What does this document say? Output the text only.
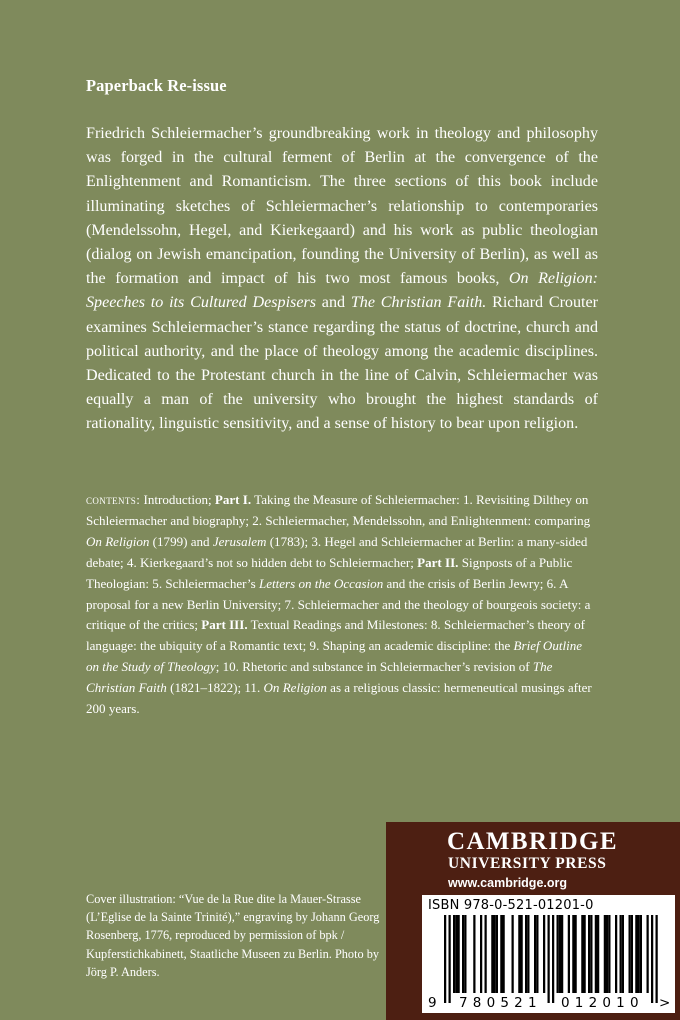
Paperback Re-issue

Friedrich Schleiermacher’s groundbreaking work in theology and philosophy was forged in the cultural ferment of Berlin at the convergence of the Enlightenment and Romanticism. The three sections of this book include illuminating sketches of Schleiermacher’s relationship to contemporaries (Mendelssohn, Hegel, and Kierkegaard) and his work as public theologian (dialog on Jewish emancipation, founding the University of Berlin), as well as the formation and impact of his two most famous books, On Religion: Speeches to its Cultured Despisers and The Christian Faith. Richard Crouter examines Schleiermacher’s stance regarding the status of doctrine, church and political authority, and the place of theology among the academic disciplines. Dedicated to the Protestant church in the line of Calvin, Schleiermacher was equally a man of the university who brought the highest standards of rationality, linguistic sensitivity, and a sense of history to bear upon religion.

contents: Introduction; Part I. Taking the Measure of Schleiermacher: 1. Revisiting Dilthey on Schleiermacher and biography; 2. Schleiermacher, Mendelssohn, and Enlightenment: comparing On Religion (1799) and Jerusalem (1783); 3. Hegel and Schleiermacher at Berlin: a many-sided debate; 4. Kierkegaard’s not so hidden debt to Schleiermacher; Part II. Signposts of a Public Theologian: 5. Schleiermacher’s Letters on the Occasion and the crisis of Berlin Jewry; 6. A proposal for a new Berlin University; 7. Schleiermacher and the theology of bourgeois society: a critique of the critics; Part III. Textual Readings and Milestones: 8. Schleiermacher’s theory of language: the ubiquity of a Romantic text; 9. Shaping an academic discipline: the Brief Outline on the Study of Theology; 10. Rhetoric and substance in Schleiermacher’s revision of The Christian Faith (1821–1822); 11. On Religion as a religious classic: hermeneutical musings after 200 years.

Cover illustration: “Vue de la Rue dite la Mauer-Strasse (L’Eglise de la Sainte Trinité),” engraving by Johann Georg Rosenberg, 1776, reproduced by permission of bpk / Kupferstichkabinett, Staatliche Museen zu Berlin. Photo by Jörg P. Anders.

CAMBRIDGE
UNIVERSITY PRESS
www.cambridge.org
ISBN 978-0-521-01201-0
9 780521 012010 >
